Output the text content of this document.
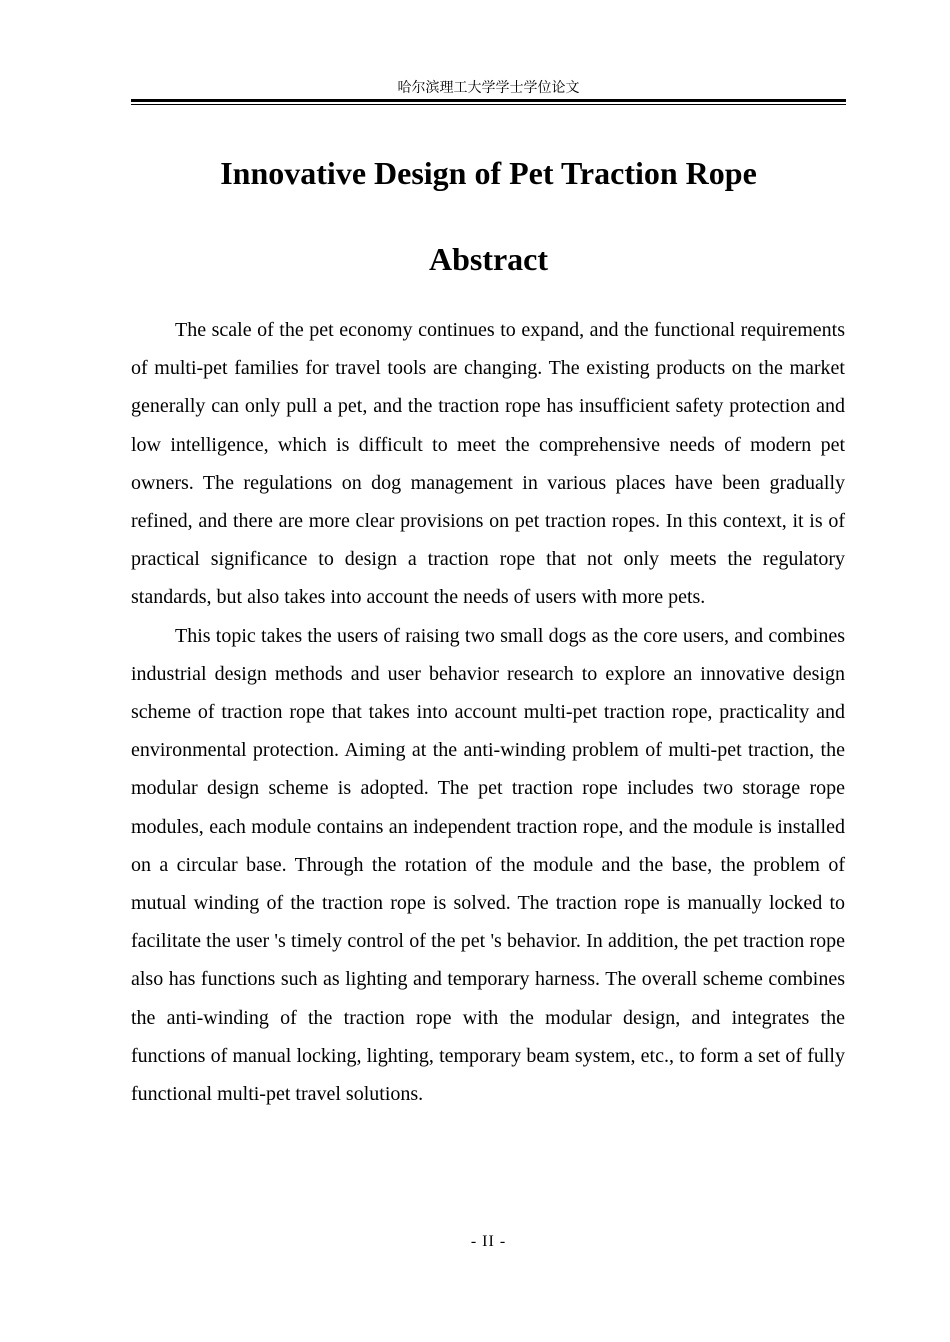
哈尔滨理工大学学士学位论文
Innovative Design of Pet Traction Rope
Abstract

The scale of the pet economy continues to expand, and the functional requirements of multi-pet families for travel tools are changing. The existing products on the market generally can only pull a pet, and the traction rope has insufficient safety protection and low intelligence, which is difficult to meet the comprehensive needs of modern pet owners. The regulations on dog management in various places have been gradually refined, and there are more clear provisions on pet traction ropes. In this context, it is of practical significance to design a traction rope that not only meets the regulatory standards, but also takes into account the needs of users with more pets.

This topic takes the users of raising two small dogs as the core users, and combines industrial design methods and user behavior research to explore an innovative design scheme of traction rope that takes into account multi-pet traction rope, practicality and environmental protection. Aiming at the anti-winding problem of multi-pet traction, the modular design scheme is adopted. The pet traction rope includes two storage rope modules, each module contains an independent traction rope, and the module is installed on a circular base. Through the rotation of the module and the base, the problem of mutual winding of the traction rope is solved. The traction rope is manually locked to facilitate the user 's timely control of the pet 's behavior. In addition, the pet traction rope also has functions such as lighting and temporary harness. The overall scheme combines the anti-winding of the traction rope with the modular design, and integrates the functions of manual locking, lighting, temporary beam system, etc., to form a set of fully functional multi-pet travel solutions.

- II -
